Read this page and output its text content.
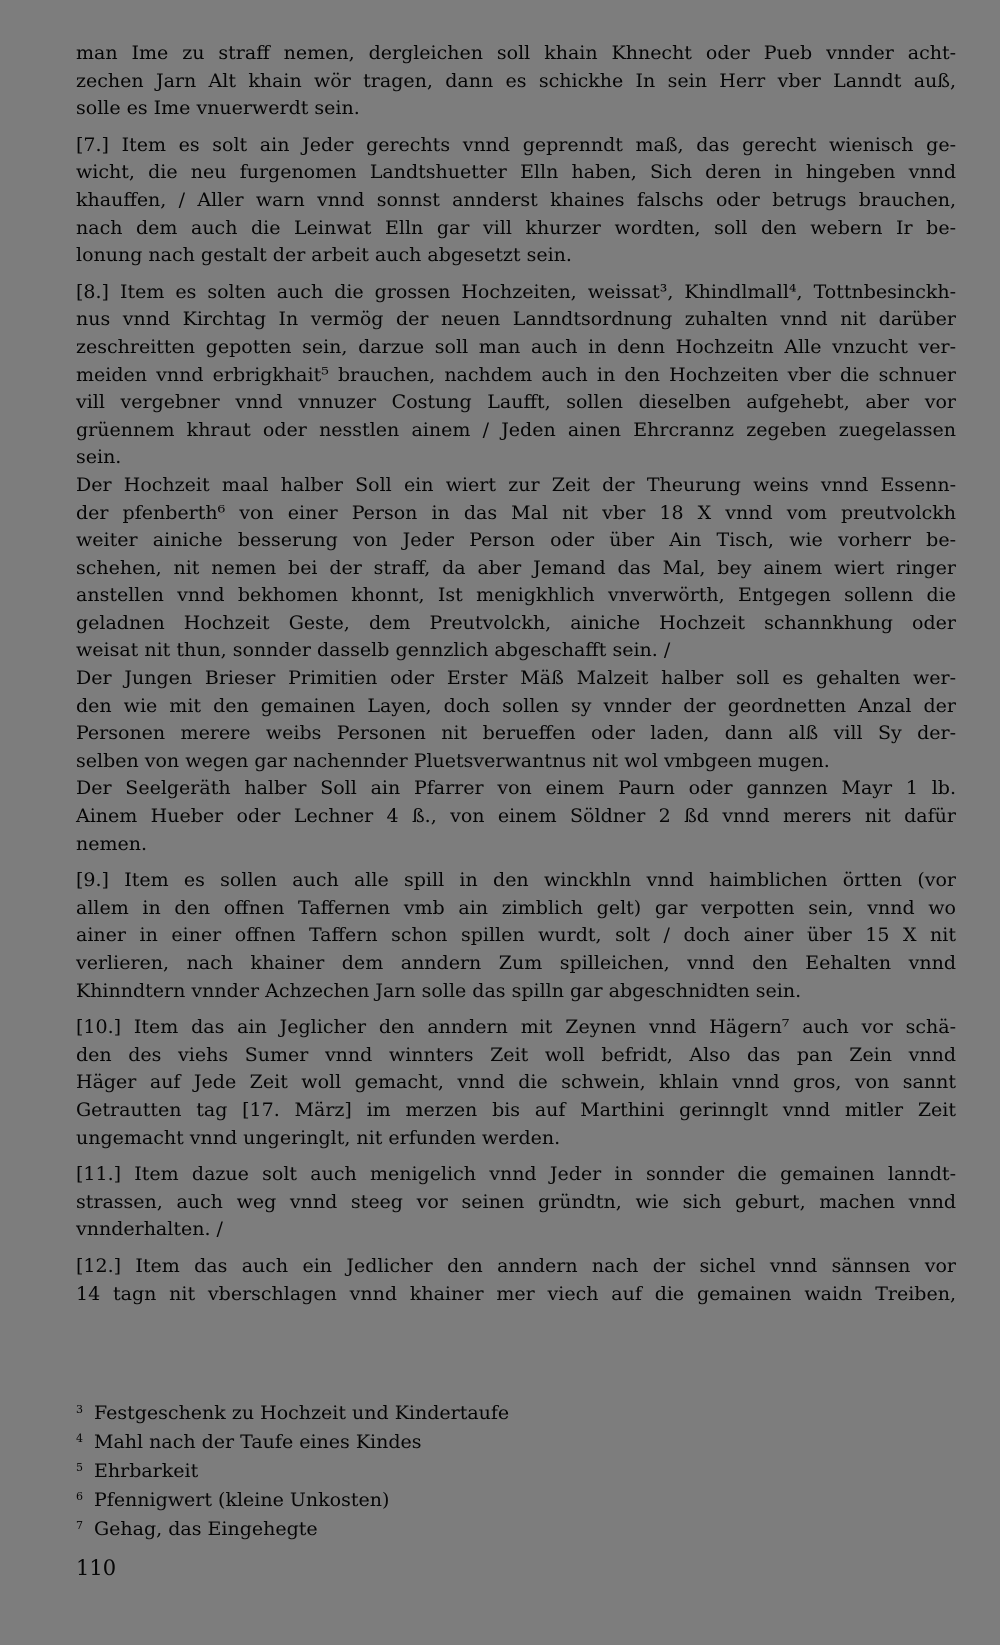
man Ime zu straff nemen, dergleichen soll khain Khnecht oder Pueb vnnder acht-
zechen Jarn Alt khain wör tragen, dann es schickhe In sein Herr vber Lanndt auß,
solle es Ime vnuerwerdt sein.

[7.] Item es solt ain Jeder gerechts vnnd geprenndt maß, das gerecht wienisch ge-
wicht, die neu furgenomen Landtshuetter Elln haben, Sich deren in hingeben vnnd
khauffen, / Aller warn vnnd sonnst annderst khaines falschs oder betrugs brauchen,
nach dem auch die Leinwat Elln gar vill khurzer wordten, soll den webern Ir be-
lonung nach gestalt der arbeit auch abgesetzt sein.

[8.] Item es solten auch die grossen Hochzeiten, weissat³, Khindlmall⁴, Tottnbesinckh-
nus vnnd Kirchtag In vermög der neuen Lanndtsordnung zuhalten vnnd nit darüber
zeschreitten gepotten sein, darzue soll man auch in denn Hochzeitn Alle vnzucht ver-
meiden vnnd erbrigkhait⁵ brauchen, nachdem auch in den Hochzeiten vber die schnuer
vill vergebner vnnd vnnuzer Costung Laufft, sollen dieselben aufgehebt, aber vor
grüennem khraut oder nesstlen ainem / Jeden ainen Ehrcrannz zegeben zuegelassen
sein.
Der Hochzeit maal halber Soll ein wiert zur Zeit der Theurung weins vnnd Essenn-
der pfenberth⁶ von einer Person in das Mal nit vber 18 X vnnd vom preutvolckh
weiter ainiche besserung von Jeder Person oder über Ain Tisch, wie vorherr be-
schehen, nit nemen bei der straff, da aber Jemand das Mal, bey ainem wiert ringer
anstellen vnnd bekhomen khonnt, Ist menigkhlich vnverwörth, Entgegen sollenn die
geladnen Hochzeit Geste, dem Preutvolckh, ainiche Hochzeit schannkhung oder
weisat nit thun, sonnder dasselb gennzlich abgeschafft sein. /
Der Jungen Brieser Primitien oder Erster Mäß Malzeit halber soll es gehalten wer-
den wie mit den gemainen Layen, doch sollen sy vnnder der geordnetten Anzal der
Personen merere weibs Personen nit berueffen oder laden, dann alß vill Sy der-
selben von wegen gar nachennder Pluetsverwantnus nit wol vmbgeen mugen.
Der Seelgeräth halber Soll ain Pfarrer von einem Paurn oder gannzen Mayr 1 lb.
Ainem Hueber oder Lechner 4 ß., von einem Söldner 2 ßd vnnd merers nit dafür
nemen.

[9.] Item es sollen auch alle spill in den winckhln vnnd haimblichen örtten (vor
allem in den offnen Taffernen vmb ain zimblich gelt) gar verpotten sein, vnnd wo
ainer in einer offnen Taffern schon spillen wurdt, solt / doch ainer über 15 X nit
verlieren, nach khainer dem anndern Zum spilleichen, vnnd den Eehalten vnnd
Khinndtern vnnder Achzechen Jarn solle das spilln gar abgeschnidten sein.

[10.] Item das ain Jeglicher den anndern mit Zeynen vnnd Hägern⁷ auch vor schä-
den des viehs Sumer vnnd winnters Zeit woll befridt, Also das pan Zein vnnd
Häger auf Jede Zeit woll gemacht, vnnd die schwein, khlain vnnd gros, von sannt
Getrautten tag [17. März] im merzen bis auf Marthini gerinnglt vnnd mitler Zeit
ungemacht vnnd ungeringlt, nit erfunden werden.

[11.] Item dazue solt auch menigelich vnnd Jeder in sonnder die gemainen lanndt-
strassen, auch weg vnnd steeg vor seinen gründtn, wie sich geburt, machen vnnd
vnnderhalten. /

[12.] Item das auch ein Jedlicher den anndern nach der sichel vnnd sännsen vor
14 tagn nit vberschlagen vnnd khainer mer viech auf die gemainen waidn Treiben,

3 Festgeschenk zu Hochzeit und Kindertaufe
4 Mahl nach der Taufe eines Kindes
5 Ehrbarkeit
6 Pfennigwert (kleine Unkosten)
7 Gehag, das Eingehegte
110
